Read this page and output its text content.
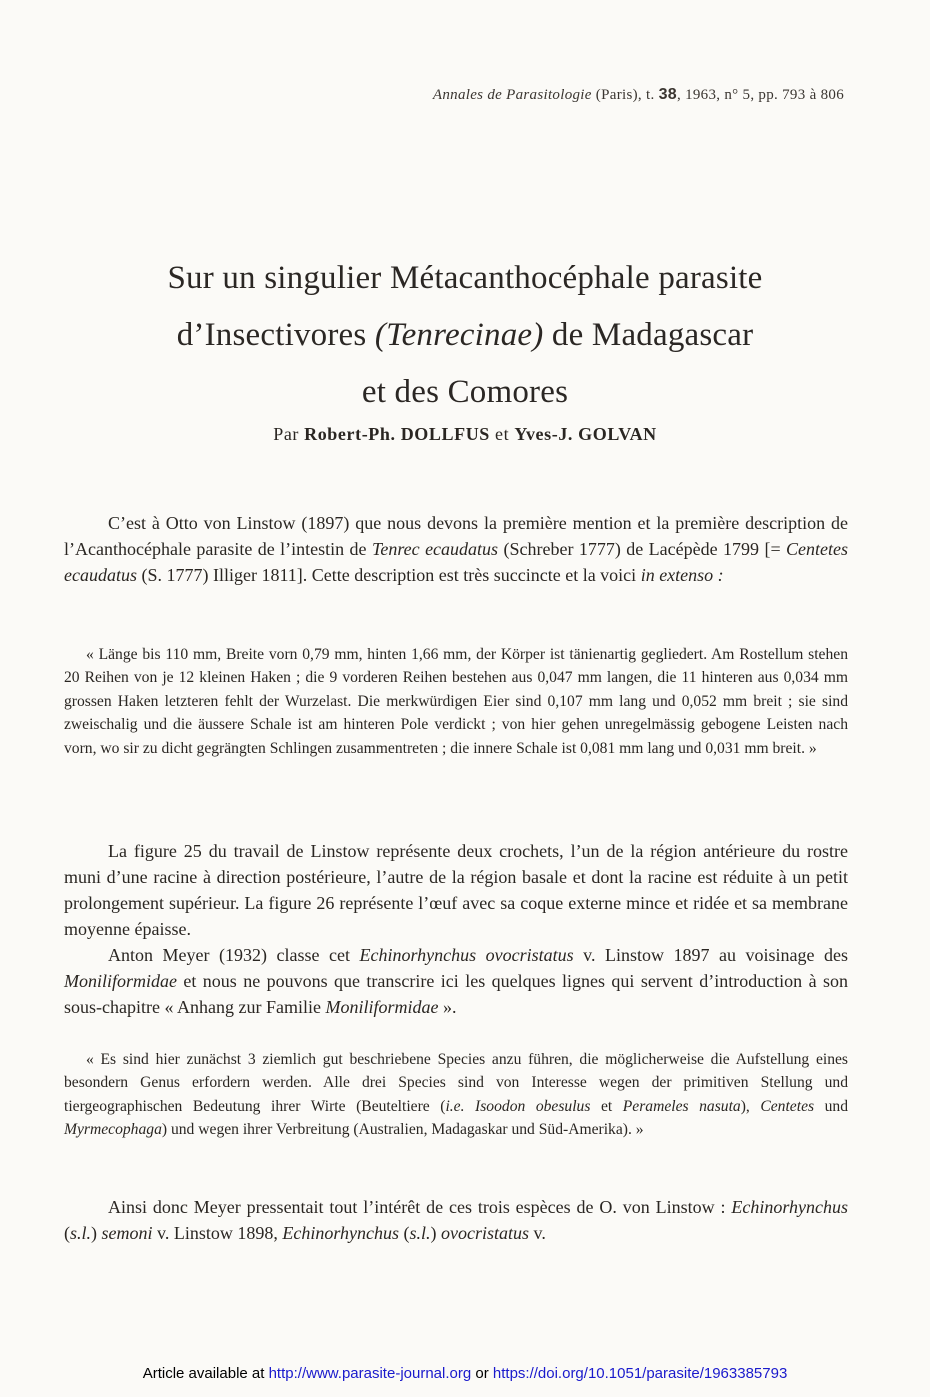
Annales de Parasitologie (Paris), t. 38, 1963, n° 5, pp. 793 à 806
Sur un singulier Métacanthocéphale parasite
d’Insectivores (Tenrecinae) de Madagascar
et des Comores
Par Robert-Ph. DOLLFUS et Yves-J. GOLVAN

C’est à Otto von Linstow (1897) que nous devons la première mention et la première description de l’Acanthocéphale parasite de l’intestin de Tenrec ecaudatus (Schreber 1777) de Lacépède 1799 [= Centetes ecaudatus (S. 1777) Illiger 1811]. Cette description est très succincte et la voici in extenso :

« Länge bis 110 mm, Breite vorn 0,79 mm, hinten 1,66 mm, der Körper ist tänienartig gegliedert. Am Rostellum stehen 20 Reihen von je 12 kleinen Haken ; die 9 vorderen Reihen bestehen aus 0,047 mm langen, die 11 hinteren aus 0,034 mm grossen Haken letzteren fehlt der Wurzelast. Die merkwürdigen Eier sind 0,107 mm lang und 0,052 mm breit ; sie sind zweischalig und die äussere Schale ist am hinteren Pole verdickt ; von hier gehen unregelmässig gebogene Leisten nach vorn, wo sir zu dicht gegrängten Schlingen zusammentreten ; die innere Schale ist 0,081 mm lang und 0,031 mm breit. »

La figure 25 du travail de Linstow représente deux crochets, l’un de la région antérieure du rostre muni d’une racine à direction postérieure, l’autre de la région basale et dont la racine est réduite à un petit prolongement supérieur. La figure 26 représente l’œuf avec sa coque externe mince et ridée et sa membrane moyenne épaisse.

Anton Meyer (1932) classe cet Echinorhynchus ovocristatus v. Linstow 1897 au voisinage des Moniliformidae et nous ne pouvons que transcrire ici les quelques lignes qui servent d’introduction à son sous-chapitre « Anhang zur Familie Moniliformidae ».

« Es sind hier zunächst 3 ziemlich gut beschriebene Species anzu führen, die möglicherweise die Aufstellung eines besondern Genus erfordern werden. Alle drei Species sind von Interesse wegen der primitiven Stellung und tiergeographischen Bedeutung ihrer Wirte (Beuteltiere (i.e. Isoodon obesulus et Perameles nasuta), Centetes und Myrmecophaga) und wegen ihrer Verbreitung (Australien, Madagaskar und Süd-Amerika). »

Ainsi donc Meyer pressentait tout l’intérêt de ces trois espèces de O. von Linstow : Echinorhynchus (s.l.) semoni v. Linstow 1898, Echinorhynchus (s.l.) ovocristatus v.

Article available at http://www.parasite-journal.org or https://doi.org/10.1051/parasite/1963385793
